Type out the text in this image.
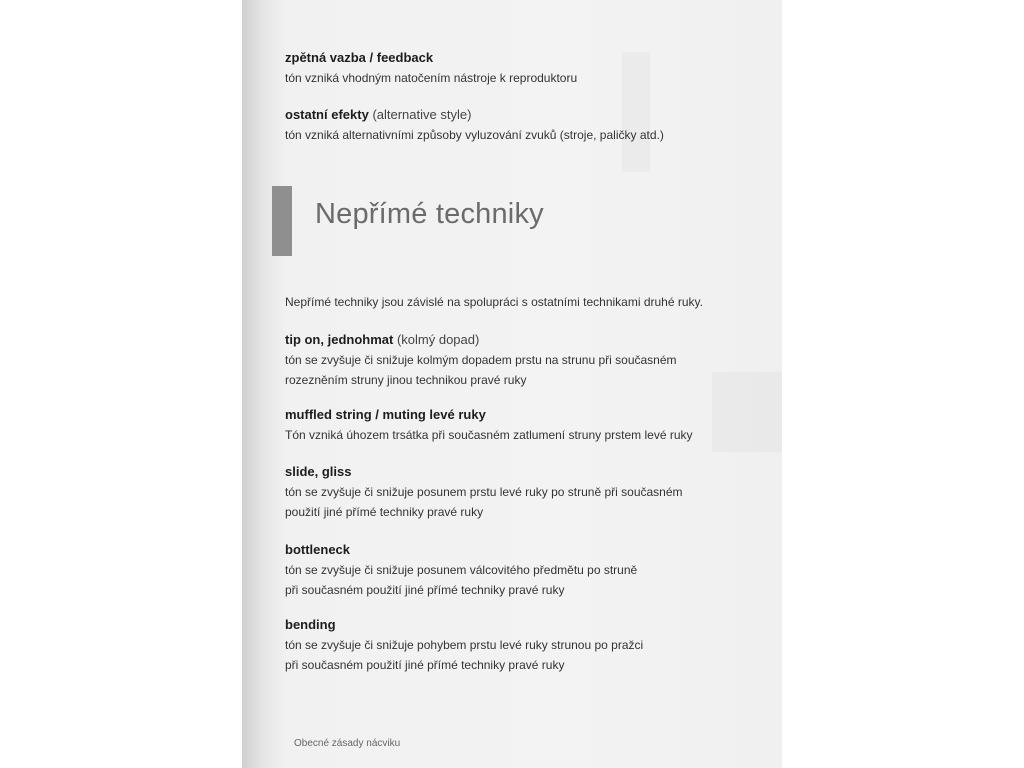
zpětná vazba / feedback
tón vzniká vhodným natočením nástroje k reproduktoru
ostatní efekty (alternative style)
tón vzniká alternativními způsoby vyluzování zvuků (stroje, paličky atd.)
Nepřímé techniky
Nepřímé techniky jsou závislé na spolupráci s ostatními technikami druhé ruky.
tip on, jednohmat (kolmý dopad)
tón se zvyšuje či snižuje kolmým dopadem prstu na strunu při současném
rozezněním struny jinou technikou pravé ruky
muffled string / muting levé ruky
Tón vzniká úhozem trsátka při současném zatlumení struny prstem levé ruky
slide, gliss
tón se zvyšuje či snižuje posunem prstu levé ruky po struně při současném
použití jiné přímé techniky pravé ruky
bottleneck
tón se zvyšuje či snižuje posunem válcovitého předmětu po struně
při současném použití jiné přímé techniky pravé ruky
bending
tón se zvyšuje či snižuje pohybem prstu levé ruky strunou po pražci
při současném použití jiné přímé techniky pravé ruky
Obecné zásady nácviku
